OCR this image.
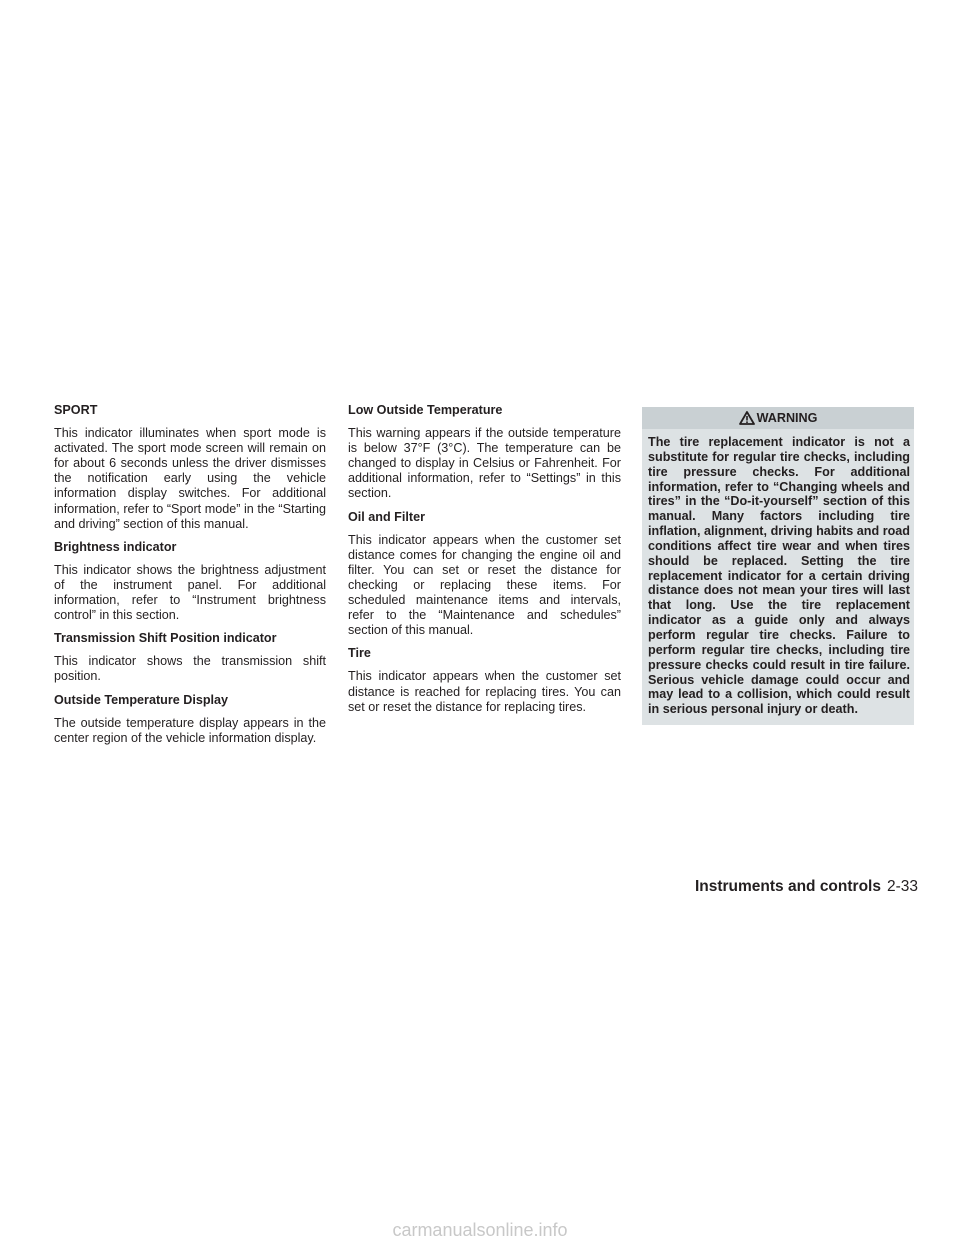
SPORT

This indicator illuminates when sport mode is activated. The sport mode screen will remain on for about 6 seconds unless the driver dismisses the notification early using the vehicle information display switches. For additional information, refer to “Sport mode” in the “Starting and driving” section of this manual.

Brightness indicator

This indicator shows the brightness adjustment of the instrument panel. For additional information, refer to “Instrument brightness control” in this section.

Transmission Shift Position indicator

This indicator shows the transmission shift position.

Outside Temperature Display

The outside temperature display appears in the center region of the vehicle information display.

Low Outside Temperature

This warning appears if the outside temperature is below 37°F (3°C). The temperature can be changed to display in Celsius or Fahrenheit. For additional information, refer to “Settings” in this section.

Oil and Filter

This indicator appears when the customer set distance comes for changing the engine oil and filter. You can set or reset the distance for checking or replacing these items. For scheduled maintenance items and intervals, refer to the “Maintenance and schedules” section of this manual.

Tire

This indicator appears when the customer set distance is reached for replacing tires. You can set or reset the distance for replacing tires.

WARNING
The tire replacement indicator is not a substitute for regular tire checks, including tire pressure checks. For additional information, refer to “Changing wheels and tires” in the “Do-it-yourself” section of this manual. Many factors including tire inflation, alignment, driving habits and road conditions affect tire wear and when tires should be replaced. Setting the tire replacement indicator for a certain driving distance does not mean your tires will last that long. Use the tire replacement indicator as a guide only and always perform regular tire checks. Failure to perform regular tire checks, including tire pressure checks could result in tire failure. Serious vehicle damage could occur and may lead to a collision, which could result in serious personal injury or death.
Instruments and controls 2-33
carmanualsonline.info
